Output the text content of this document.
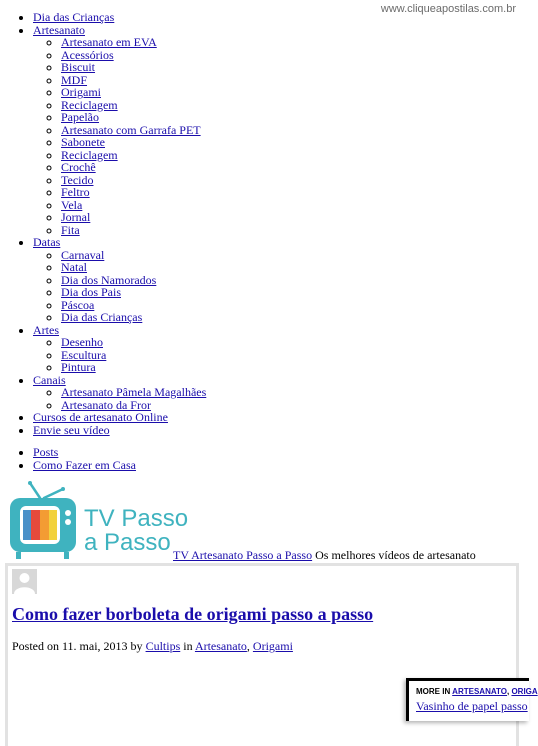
www.cliqueapostilas.com.br
• Dia das Crianças
• Artesanato
◦ Artesanato em EVA
◦ Acessórios
◦ Biscuit
◦ MDF
◦ Origami
◦ Reciclagem
◦ Papelão
◦ Artesanato com Garrafa PET
◦ Sabonete
◦ Reciclagem
◦ Crochê
◦ Tecido
◦ Feltro
◦ Vela
◦ Jornal
◦ Fita
• Datas
◦ Carnaval
◦ Natal
◦ Dia dos Namorados
◦ Dia dos Pais
◦ Páscoa
◦ Dia das Crianças
• Artes
◦ Desenho
◦ Escultura
◦ Pintura
• Canais
◦ Artesanato Pâmela Magalhães
◦ Artesanato da Fror
• Cursos de artesanato Online
• Envie seu vídeo
• Posts
• Como Fazer em Casa
TV Passo
a Passo TV Artesanato Passo a Passo Os melhores vídeos de artesanato
Como fazer borboleta de origami passo a passo
Posted on 11. mai, 2013 by Cultips in Artesanato, Origami
MORE IN ARTESANATO, ORIGA
Vasinho de papel passo
